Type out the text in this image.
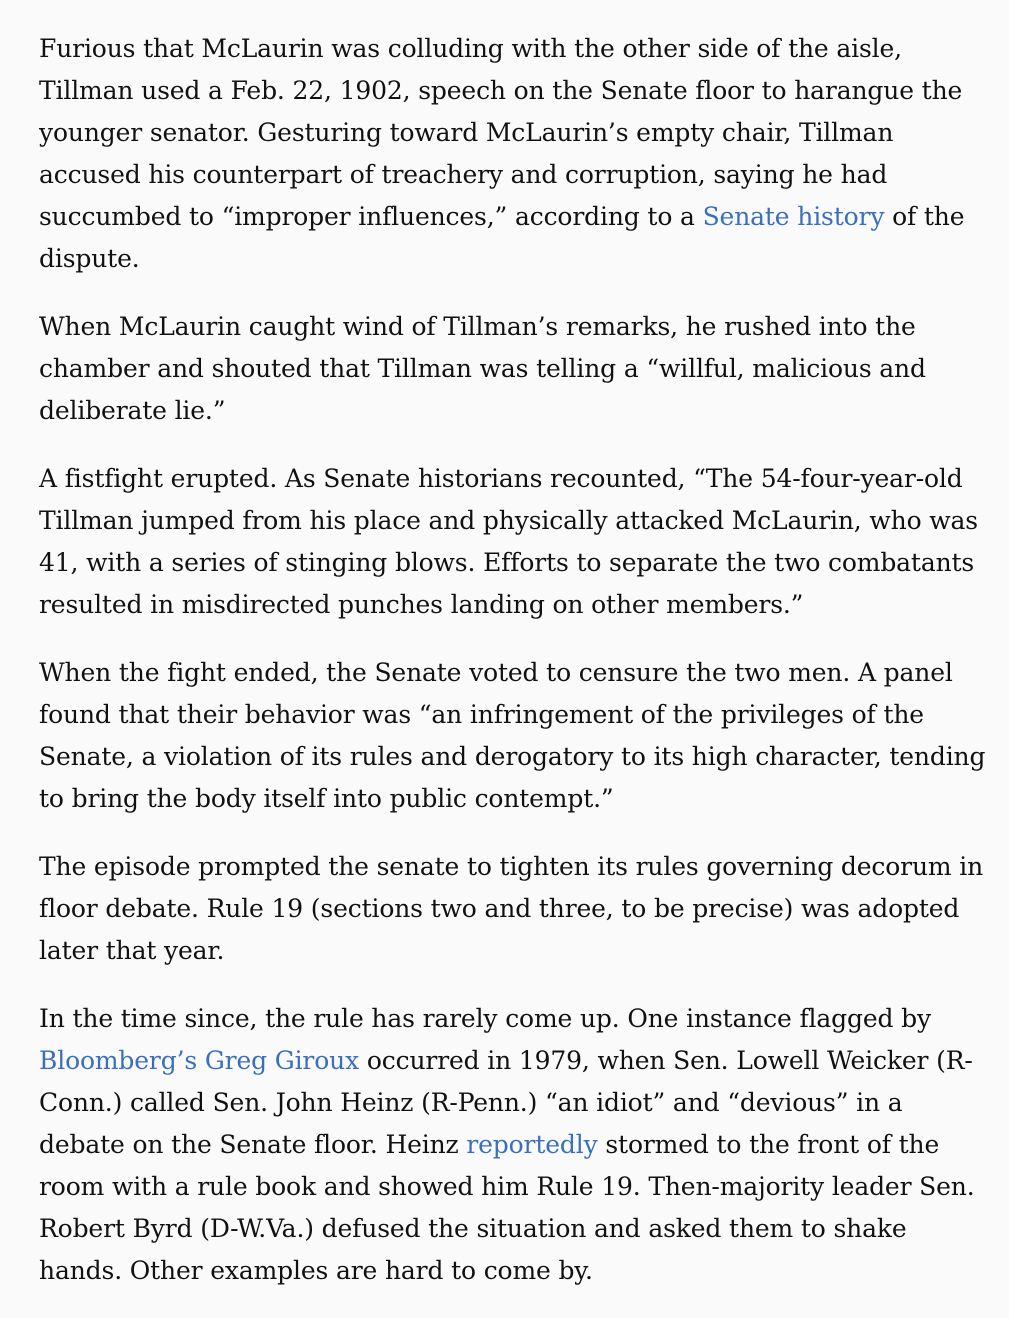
Furious that McLaurin was colluding with the other side of the aisle, Tillman used a Feb. 22, 1902, speech on the Senate floor to harangue the younger senator. Gesturing toward McLaurin’s empty chair, Tillman accused his counterpart of treachery and corruption, saying he had succumbed to “improper influences,” according to a Senate history of the dispute.

When McLaurin caught wind of Tillman’s remarks, he rushed into the chamber and shouted that Tillman was telling a “willful, malicious and deliberate lie.”

A fistfight erupted. As Senate historians recounted, “The 54-four-year-old Tillman jumped from his place and physically attacked McLaurin, who was 41, with a series of stinging blows. Efforts to separate the two combatants resulted in misdirected punches landing on other members.”

When the fight ended, the Senate voted to censure the two men. A panel found that their behavior was “an infringement of the privileges of the Senate, a violation of its rules and derogatory to its high character, tending to bring the body itself into public contempt.”

The episode prompted the senate to tighten its rules governing decorum in floor debate. Rule 19 (sections two and three, to be precise) was adopted later that year.

In the time since, the rule has rarely come up. One instance flagged by Bloomberg’s Greg Giroux occurred in 1979, when Sen. Lowell Weicker (R-Conn.) called Sen. John Heinz (R-Penn.) “an idiot” and “devious” in a debate on the Senate floor. Heinz reportedly stormed to the front of the room with a rule book and showed him Rule 19. Then-majority leader Sen. Robert Byrd (D-W.Va.) defused the situation and asked them to shake hands. Other examples are hard to come by.
